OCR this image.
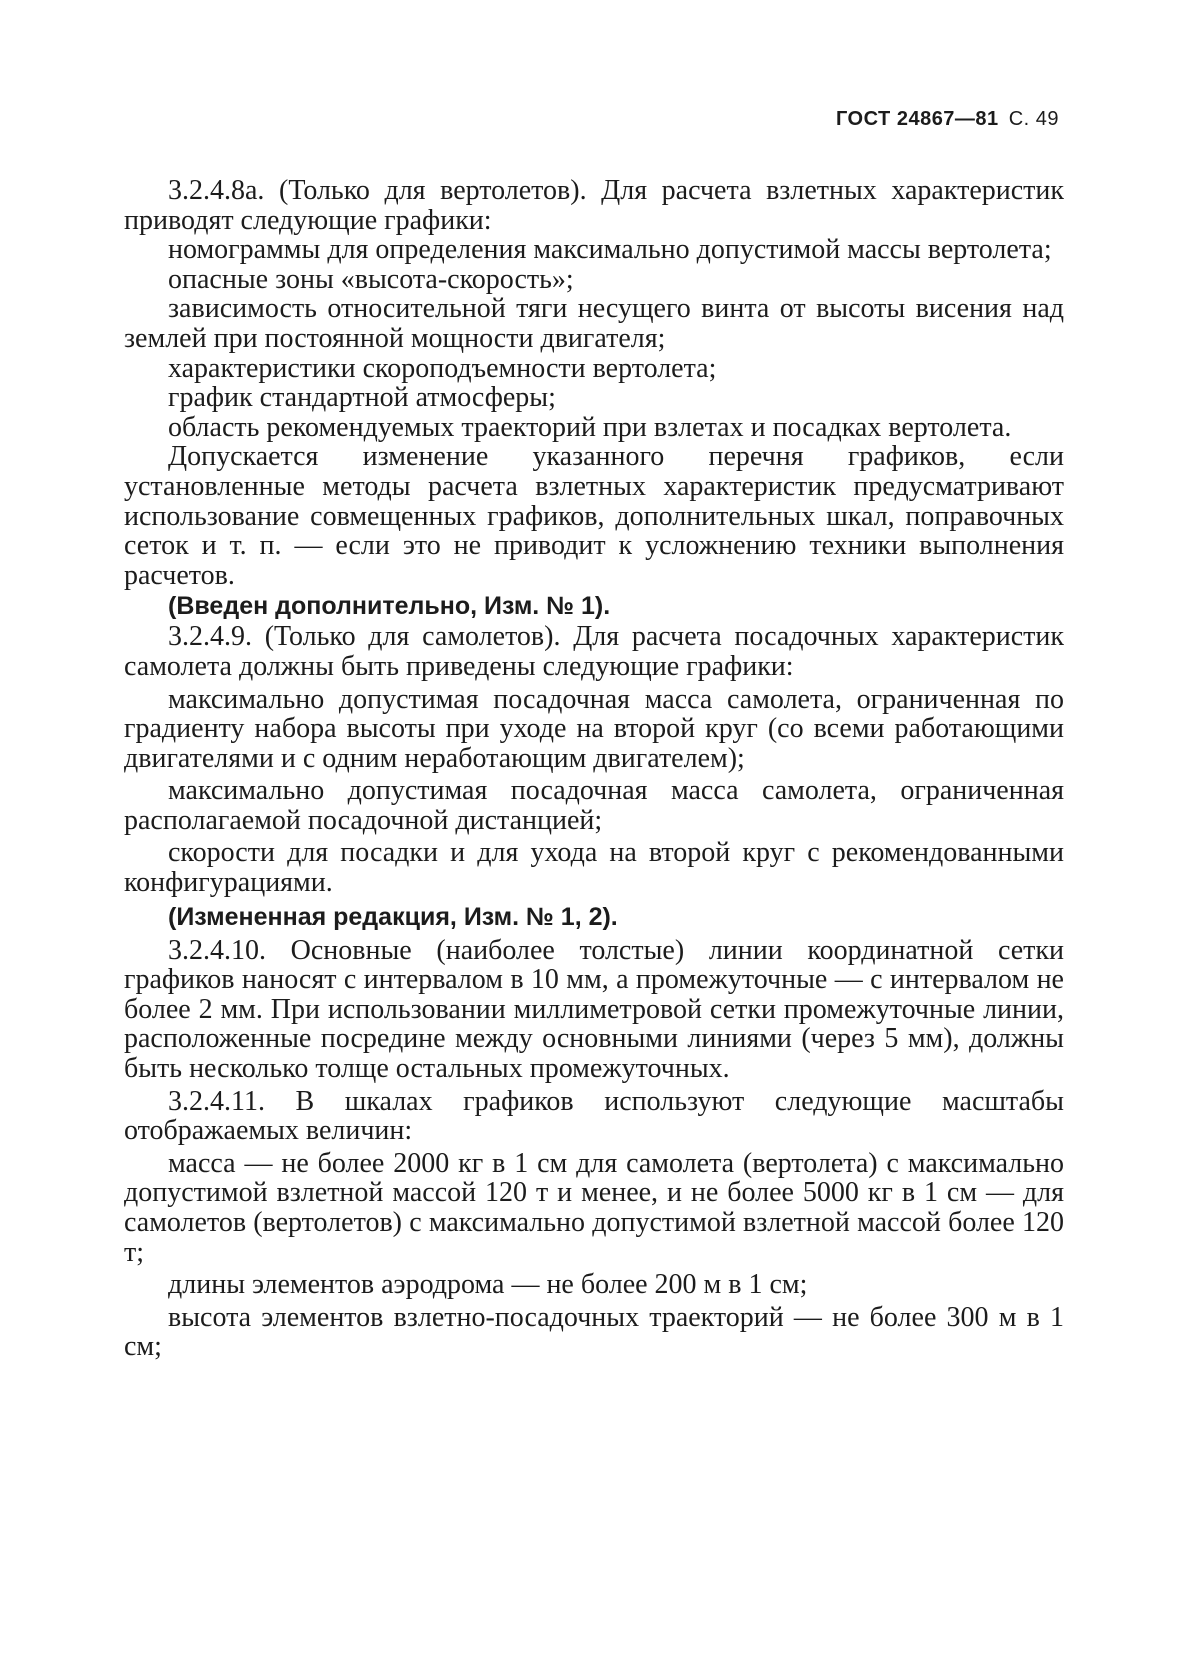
ГОСТ 24867—81 С. 49

3.2.4.8а. (Только для вертолетов). Для расчета взлетных характеристик приводят следующие графики:

номограммы для определения максимально допустимой массы вертолета;

опасные зоны «высота-скорость»;

зависимость относительной тяги несущего винта от высоты висения над землей при постоянной мощности двигателя;

характеристики скороподъемности вертолета;

график стандартной атмосферы;

область рекомендуемых траекторий при взлетах и посадках вертолета.

Допускается изменение указанного перечня графиков, если установленные методы расчета взлетных характеристик предусматривают использование совмещенных графиков, дополнительных шкал, поправочных сеток и т. п. — если это не приводит к усложнению техники выполнения расчетов.

(Введен дополнительно, Изм. № 1).

3.2.4.9. (Только для самолетов). Для расчета посадочных характеристик самолета должны быть приведены следующие графики:

максимально допустимая посадочная масса самолета, ограниченная по градиенту набора высоты при уходе на второй круг (со всеми работающими двигателями и с одним неработающим двигателем);

максимально допустимая посадочная масса самолета, ограниченная располагаемой посадочной дистанцией;

скорости для посадки и для ухода на второй круг с рекомендованными конфигурациями.

(Измененная редакция, Изм. № 1, 2).

3.2.4.10. Основные (наиболее толстые) линии координатной сетки графиков наносят с интервалом в 10 мм, а промежуточные — с интервалом не более 2 мм. При использовании миллиметровой сетки промежуточные линии, расположенные посредине между основными линиями (через 5 мм), должны быть несколько толще остальных промежуточных.

3.2.4.11. В шкалах графиков используют следующие масштабы отображаемых величин:

масса — не более 2000 кг в 1 см для самолета (вертолета) с максимально допустимой взлетной массой 120 т и менее, и не более 5000 кг в 1 см — для самолетов (вертолетов) с максимально допустимой взлетной массой более 120 т;

длины элементов аэродрома — не более 200 м в 1 см;

высота элементов взлетно-посадочных траекторий — не более 300 м в 1 см;
